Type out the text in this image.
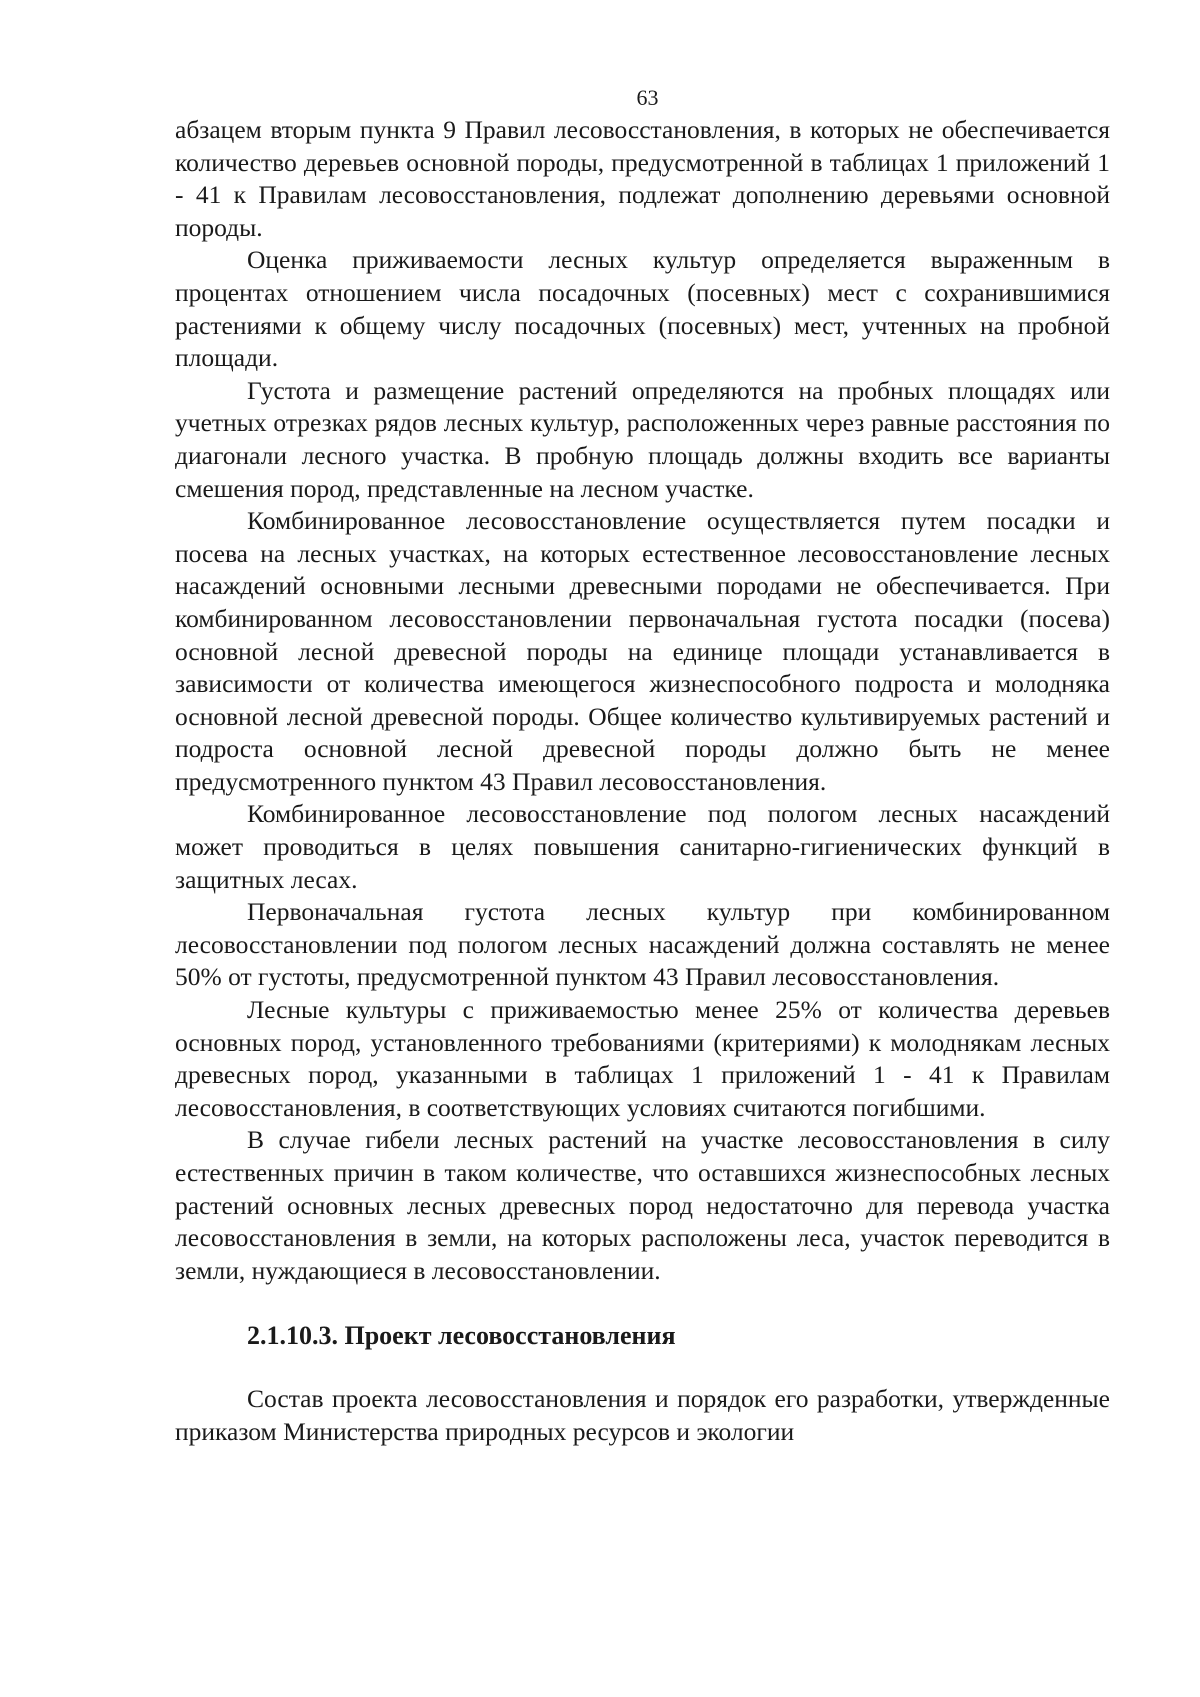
63

абзацем вторым пункта 9 Правил лесовосстановления, в которых не обеспечивается количество деревьев основной породы, предусмотренной в таблицах 1 приложений 1 - 41 к Правилам лесовосстановления, подлежат дополнению деревьями основной породы.

Оценка приживаемости лесных культур определяется выраженным в процентах отношением числа посадочных (посевных) мест с сохранившимися растениями к общему числу посадочных (посевных) мест, учтенных на пробной площади.

Густота и размещение растений определяются на пробных площадях или учетных отрезках рядов лесных культур, расположенных через равные расстояния по диагонали лесного участка. В пробную площадь должны входить все варианты смешения пород, представленные на лесном участке.

Комбинированное лесовосстановление осуществляется путем посадки и посева на лесных участках, на которых естественное лесовосстановление лесных насаждений основными лесными древесными породами не обеспечивается. При комбинированном лесовосстановлении первоначальная густота посадки (посева) основной лесной древесной породы на единице площади устанавливается в зависимости от количества имеющегося жизнеспособного подроста и молодняка основной лесной древесной породы. Общее количество культивируемых растений и подроста основной лесной древесной породы должно быть не менее предусмотренного пунктом 43 Правил лесовосстановления.

Комбинированное лесовосстановление под пологом лесных насаждений может проводиться в целях повышения санитарно-гигиенических функций в защитных лесах.

Первоначальная густота лесных культур при комбинированном лесовосстановлении под пологом лесных насаждений должна составлять не менее 50% от густоты, предусмотренной пунктом 43 Правил лесовосстановления.

Лесные культуры с приживаемостью менее 25% от количества деревьев основных пород, установленного требованиями (критериями) к молоднякам лесных древесных пород, указанными в таблицах 1 приложений 1 - 41 к Правилам лесовосстановления, в соответствующих условиях считаются погибшими.

В случае гибели лесных растений на участке лесовосстановления в силу естественных причин в таком количестве, что оставшихся жизнеспособных лесных растений основных лесных древесных пород недостаточно для перевода участка лесовосстановления в земли, на которых расположены леса, участок переводится в земли, нуждающиеся в лесовосстановлении.

2.1.10.3. Проект лесовосстановления

Состав проекта лесовосстановления и порядок его разработки, утвержденные приказом Министерства природных ресурсов и экологии
